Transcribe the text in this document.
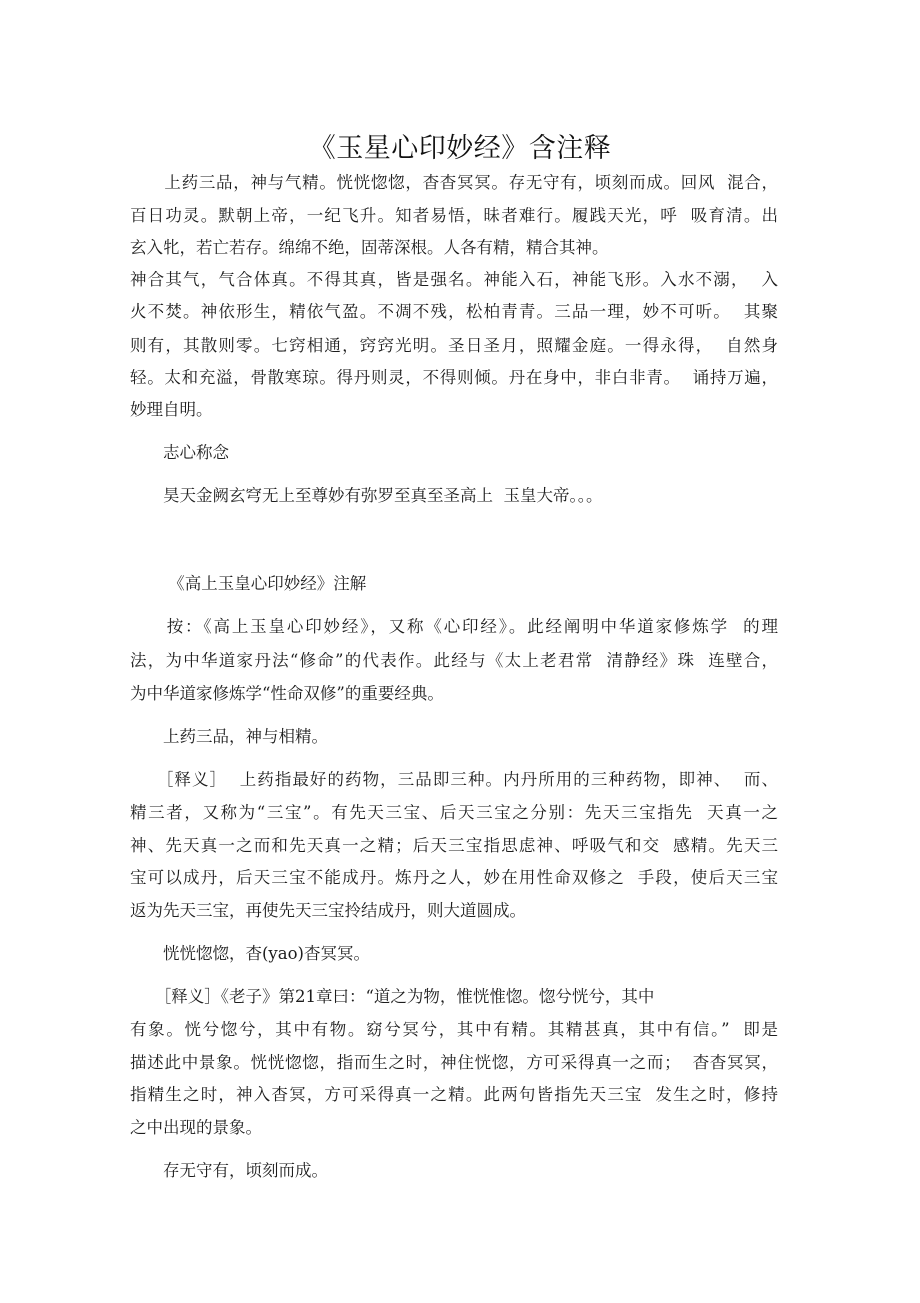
《玉星心印妙经》含注释
　　上药三品，神与气精。恍恍惚惚，杳杳冥冥。存无守有，顷刻而成。回风  混合，
百日功灵。默朝上帝，一纪飞升。知者易悟，昧者难行。履践天光，呼  吸育清。出
玄入牝，若亡若存。绵绵不绝，固蒂深根。人各有精，精合其神。
神合其气，气合体真。不得其真，皆是强名。神能入石，神能飞形。入水不溺，  入
火不焚。神依形生，精依气盈。不凋不残，松柏青青。三品一理，妙不可听。  其聚
则有，其散则零。七窍相通，窍窍光明。圣日圣月，照耀金庭。一得永得，  自然身
轻。太和充溢，骨散寒琼。得丹则灵，不得则倾。丹在身中，非白非青。  诵持万遍，
妙理自明。
　　志心称念
　　昊天金阙玄穹无上至尊妙有弥罗至真至圣高上  玉皇大帝。。。
　　 《高上玉皇心印妙经》注解
　　按：《高上玉皇心印妙经》，又称《心印经》。此经阐明中华道家修炼学  的理
法，为中华道家丹法“修命”的代表作。此经与《太上老君常  清静经》珠  连壁合，
为中华道家修炼学“性命双修”的重要经典。
　　上药三品，神与相精。
　　［释义］  上药指最好的药物，三品即三种。内丹所用的三种药物，即神、  而、
精三者，又称为“三宝”。有先天三宝、后天三宝之分别：先天三宝指先  天真一之
神、先天真一之而和先天真一之精；后天三宝指思虑神、呼吸气和交  感精。先天三
宝可以成丹，后天三宝不能成丹。炼丹之人，妙在用性命双修之  手段，使后天三宝
返为先天三宝，再使先天三宝拎结成丹，则大道圆成。
　　恍恍惚惚，杳(yao)杳冥冥。
　　［释义］《老子》第21章曰：“道之为物，惟恍惟惚。惚兮恍兮，其中
有象。恍兮惚兮，其中有物。窈兮冥兮，其中有精。其精甚真，其中有信。”  即是
描述此中景象。恍恍惚惚，指而生之时，神住恍惚，方可采得真一之而；  杳杳冥冥，
指精生之时，神入杳冥，方可采得真一之精。此两句皆指先天三宝  发生之时，修持
之中出现的景象。
　　存无守有，顷刻而成。
